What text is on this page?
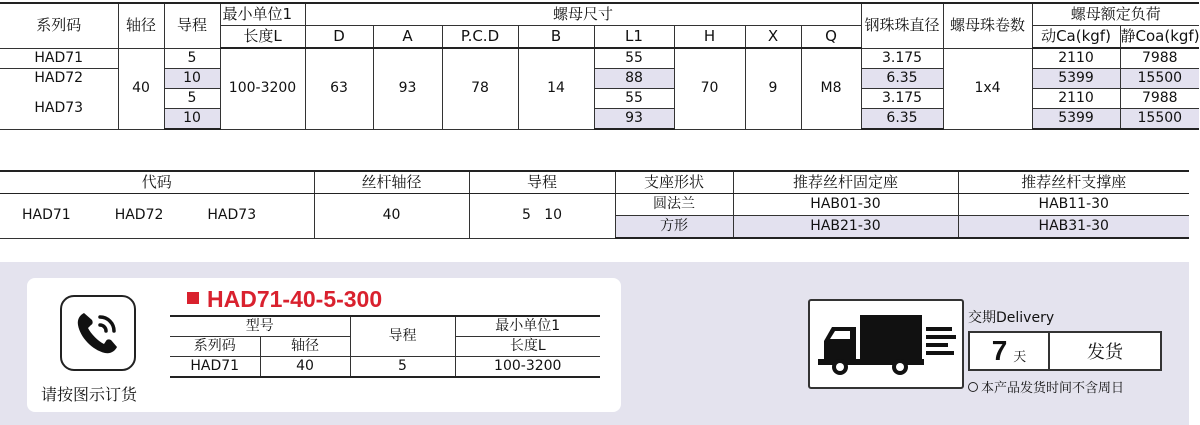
系列码	轴径	导程	最小单位1	螺母尺寸								钢珠珠直径	螺母珠卷数	螺母额定负荷	
			长度L	D	A	P.C.D	B	L1	H	X	Q			动Ca(kgf)	静Coa(kgf)
HAD71	40	5	100-3200	63	93	78	14	55	70	9	M8	3.175	1x4	2110	7988
HAD72		10						88				6.35		5399	15500
HAD73		5						55				3.175		2110	7988
		10						93				6.35		5399	15500
代码	丝杆轴径	导程	支座形状	推荐丝杆固定座	推荐丝杆支撑座
HAD71 HAD72 HAD73	40	5   10	圆法兰	HAB01-30	HAB11-30
			方形	HAB21-30	HAB31-30
请按图示订货
HAD71-40-5-300
型号		导程	最小单位1
系列码	轴径		长度L
HAD71	40	5	100-3200
交期Delivery
7 天	发货
本产品发货时间不含周日
